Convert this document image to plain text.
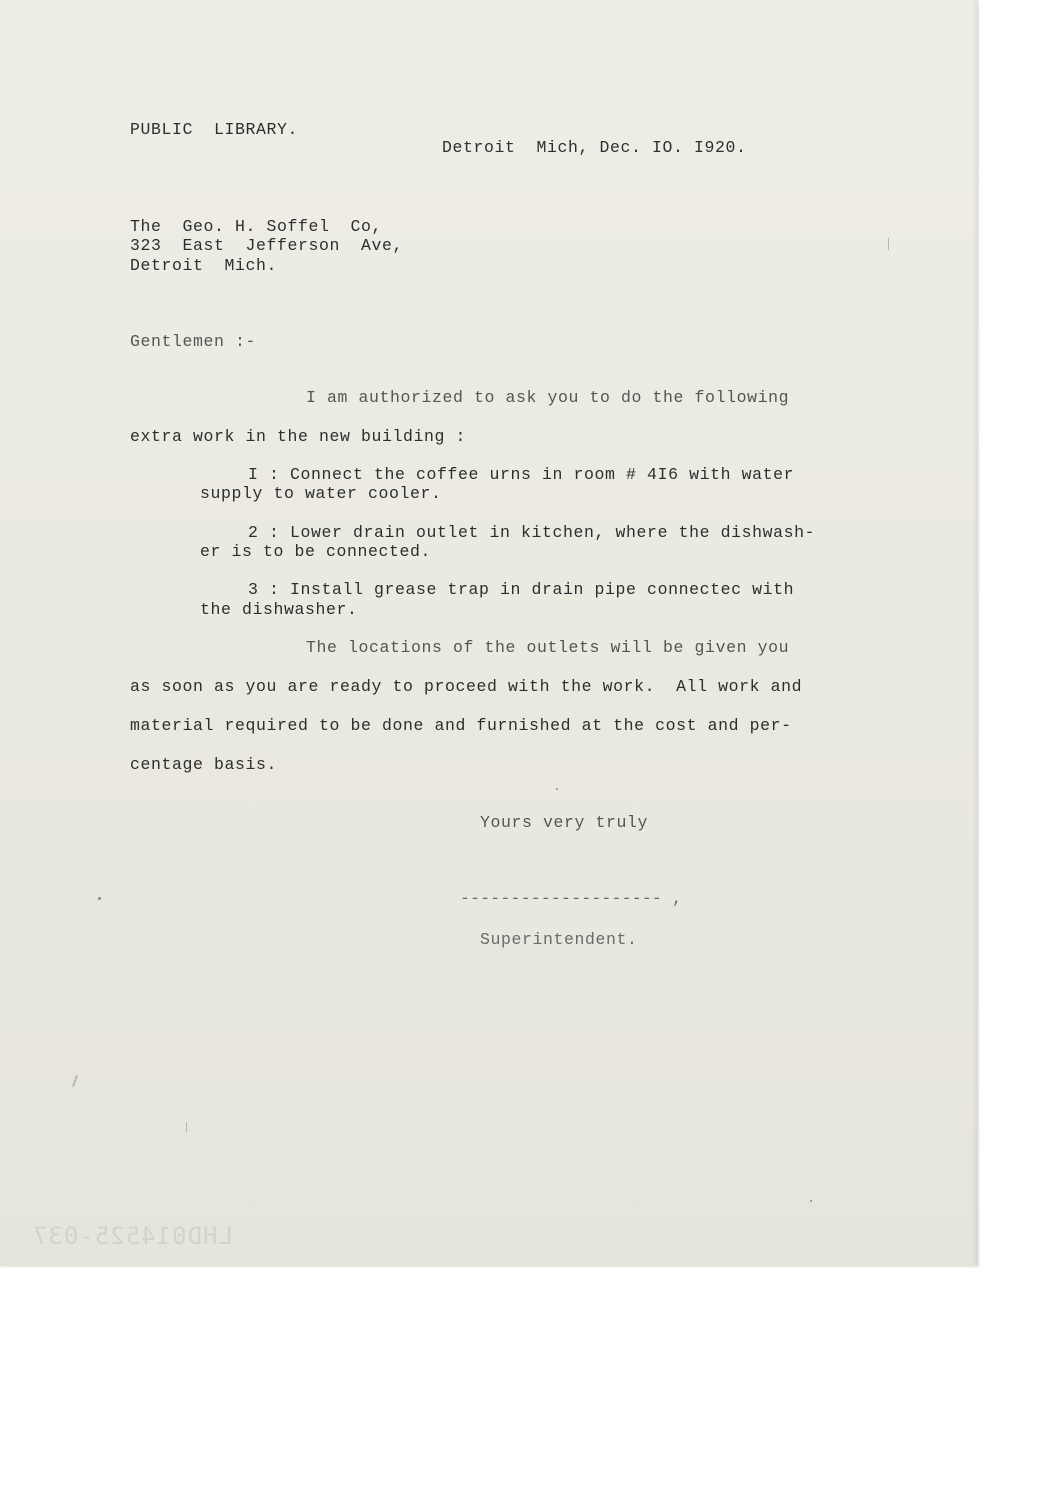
PUBLIC  LIBRARY.
Detroit  Mich, Dec. IO. I920.
The  Geo. H. Soffel  Co,
323  East  Jefferson  Ave,
Detroit  Mich.
Gentlemen :-
I am authorized to ask you to do the following
extra work in the new building :
I : Connect the coffee urns in room # 4I6 with water
supply to water cooler.
2 : Lower drain outlet in kitchen, where the dishwash-
er is to be connected.
3 : Install grease trap in drain pipe connectec with
the dishwasher.
The locations of the outlets will be given you
as soon as you are ready to proceed with the work.  All work and
material required to be done and furnished at the cost and per-
centage basis.
Yours very truly
-------------------- ,
Superintendent.
LHD014525-037
